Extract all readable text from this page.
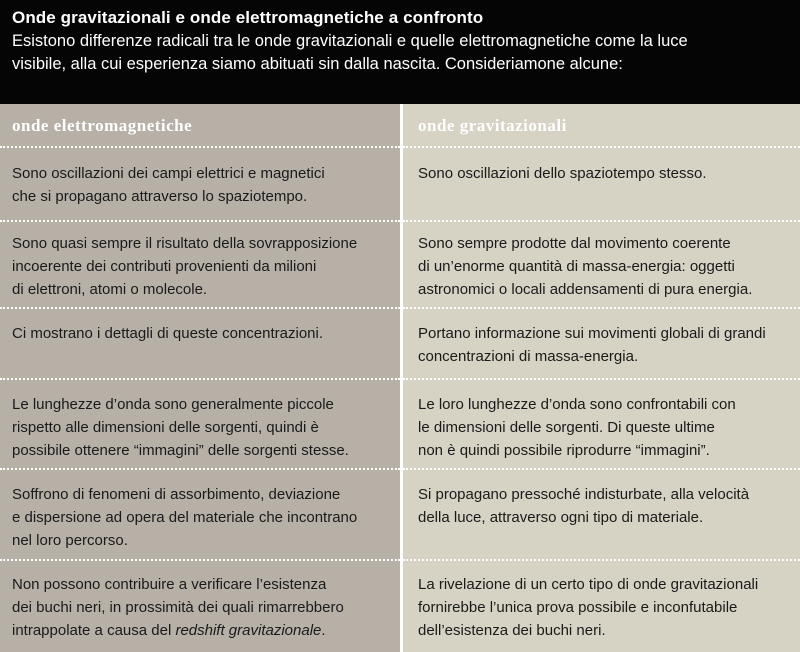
Onde gravitazionali e onde elettromagnetiche a confronto
Esistono differenze radicali tra le onde gravitazionali e quelle elettromagnetiche come la luce
visibile, alla cui esperienza siamo abituati sin dalla nascita. Consideriamone alcune:
onde elettromagnetiche
Sono oscillazioni dei campi elettrici e magnetici
che si propagano attraverso lo spaziotempo.
Sono quasi sempre il risultato della sovrapposizione
incoerente dei contributi provenienti da milioni
di elettroni, atomi o molecole.
Ci mostrano i dettagli di queste concentrazioni.
Le lunghezze d’onda sono generalmente piccole
rispetto alle dimensioni delle sorgenti, quindi è
possibile ottenere “immagini” delle sorgenti stesse.
Soffrono di fenomeni di assorbimento, deviazione
e dispersione ad opera del materiale che incontrano
nel loro percorso.
Non possono contribuire a verificare l’esistenza
dei buchi neri, in prossimità dei quali rimarrebbero
intrappolate a causa del redshift gravitazionale.
onde gravitazionali
Sono oscillazioni dello spaziotempo stesso.
Sono sempre prodotte dal movimento coerente
di un’enorme quantità di massa-energia: oggetti
astronomici o locali addensamenti di pura energia.
Portano informazione sui movimenti globali di grandi
concentrazioni di massa-energia.
Le loro lunghezze d’onda sono confrontabili con
le dimensioni delle sorgenti. Di queste ultime
non è quindi possibile riprodurre “immagini”.
Si propagano pressoché indisturbate, alla velocità
della luce, attraverso ogni tipo di materiale.
La rivelazione di un certo tipo di onde gravitazionali
fornirebbe l’unica prova possibile e inconfutabile
dell’esistenza dei buchi neri.
